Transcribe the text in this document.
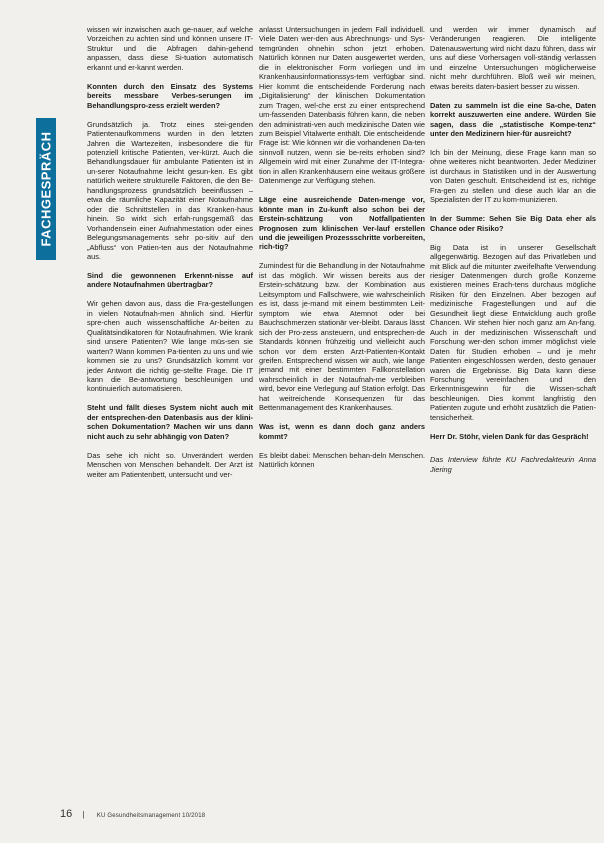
FACHGESPRÄCH

wissen wir inzwischen auch ge-nauer, auf welche Vorzeichen zu achten sind und können unsere IT-Struktur und die Abfragen dahin-gehend anpassen, dass diese Si-tuation automatisch erkannt und er-kannt werden.

Konnten durch den Einsatz des Systems bereits messbare Verbes-serungen im Behandlungspro-zess erzielt werden?

Grundsätzlich ja. Trotz eines stei-genden Patientenaufkommens wurden in den letzten Jahren die Wartezeiten, insbesondere die für potenziell kritische Patienten, ver-kürzt. Auch die Behandlungsdauer für ambulante Patienten ist in un-serer Notaufnahme leicht gesun-ken. Es gibt natürlich weitere strukturelle Faktoren, die den Be-handlungsprozess grundsätzlich beeinflussen – etwa die räumliche Kapazität einer Notaufnahme oder die Schnittstellen in das Kranken-haus hinein. So wirkt sich erfah-rungsgemäß das Vorhandensein einer Aufnahmestation oder eines Belegungsmanagements sehr po-sitiv auf den „Abfluss“ von Patien-ten aus der Notaufnahme aus.

Sind die gewonnenen Erkennt-nisse auf andere Notaufnahmen übertragbar?

Wir gehen davon aus, dass die Fra-gestellungen in vielen Notaufnah-men ähnlich sind. Hierfür spre-chen auch wissenschaftliche Ar-beiten zu Qualitätsindikatoren für Notaufnahmen. Wie krank sind unsere Patienten? Wie lange müs-sen sie warten? Wann kommen Pa-tienten zu uns und wie kommen sie zu uns? Grundsätzlich kommt vor jeder Antwort die richtig ge-stellte Frage. Die IT kann die Be-antwortung beschleunigen und kontinuierlich automatisieren.

Steht und fällt dieses System nicht auch mit der entsprechen-den Datenbasis aus der klini-schen Dokumentation? Machen wir uns dann nicht auch zu sehr abhängig von Daten?

Das sehe ich nicht so. Unverändert werden Menschen von Menschen behandelt. Der Arzt ist weiter am Patientenbett, untersucht und ver-

anlasst Untersuchungen in jedem Fall individuell. Viele Daten wer-den aus Abrechnungs- und Sys-temgründen ohnehin schon jetzt erhoben. Natürlich können nur Daten ausgewertet werden, die in elektronischer Form vorliegen und im Krankenhausinformationssys-tem verfügbar sind. Hier kommt die entscheidende Forderung nach „Digitalisierung“ der klinischen Dokumentation zum Tragen, wel-che erst zu einer entsprechend um-fassenden Datenbasis führen kann, die neben den administrati-ven auch medizinische Daten wie zum Beispiel Vitalwerte enthält. Die entscheidende Frage ist: Wie können wir die vorhandenen Da-ten sinnvoll nutzen, wenn sie be-reits erhoben sind? Allgemein wird mit einer Zunahme der IT-Integra-tion in allen Krankenhäusern eine weitaus größere Datenmenge zur Verfügung stehen.

Läge eine ausreichende Daten-menge vor, könnte man in Zu-kunft also schon bei der Erstein-schätzung von Notfallpatienten Prognosen zum klinischen Ver-lauf erstellen und die jeweiligen Prozessschritte vorbereiten, rich-tig?

Zumindest für die Behandlung in der Notaufnahme ist das möglich. Wir wissen bereits aus der Erstein-schätzung bzw. der Kombination aus Leitsymptom und Fallschwere, wie wahrscheinlich es ist, dass je-mand mit einem bestimmten Leit-symptom wie etwa Atemnot oder bei Bauchschmerzen stationär ver-bleibt. Daraus lässt sich der Pro-zess ansteuern, und entsprechen-de Standards können frühzeitig und vielleicht auch schon vor dem ersten Arzt-Patienten-Kontakt greifen. Entsprechend wissen wir auch, wie lange jemand mit einer bestimmten Fallkonstellation wahrscheinlich in der Notaufnah-me verbleiben wird, bevor eine Verlegung auf Station erfolgt. Das hat weitreichende Konsequenzen für das Bettenmanagement des Krankenhauses.

Was ist, wenn es dann doch ganz anders kommt?

Es bleibt dabei: Menschen behan-deln Menschen. Natürlich können

und werden wir immer dynamisch auf Veränderungen reagieren. Die intelligente Datenauswertung wird nicht dazu führen, dass wir uns auf diese Vorhersagen voll-ständig verlassen und einzelne Untersuchungen möglicherweise nicht mehr durchführen. Bloß weil wir meinen, etwas bereits daten-basiert besser zu wissen.

Daten zu sammeln ist die eine Sa-che, Daten korrekt auszuwerten eine andere. Würden Sie sagen, dass die „statistische Kompe-tenz“ unter den Medizinern hier-für ausreicht?

Ich bin der Meinung, diese Frage kann man so ohne weiteres nicht beantworten. Jeder Mediziner ist durchaus in Statistiken und in der Auswertung von Daten geschult. Entscheidend ist es, richtige Fra-gen zu stellen und diese auch klar an die Spezialisten der IT zu kom-munizieren.

In der Summe: Sehen Sie Big Data eher als Chance oder Risiko?

Big Data ist in unserer Gesellschaft allgegenwärtig. Bezogen auf das Privatleben und mit Blick auf die mitunter zweifelhafte Verwendung riesiger Datenmengen durch große Konzerne existieren meines Erach-tens durchaus mögliche Risiken für den Einzelnen. Aber bezogen auf medizinische Fragestellungen und auf die Gesundheit liegt diese Entwicklung auch große Chancen. Wir stehen hier noch ganz am An-fang. Auch in der medizinischen Wissenschaft und Forschung wer-den schon immer möglichst viele Daten für Studien erhoben – und je mehr Patienten eingeschlossen werden, desto genauer waren die Ergebnisse. Big Data kann diese Forschung vereinfachen und den Erkenntnisgewinn für die Wissen-schaft beschleunigen. Dies kommt langfristig den Patienten zugute und erhöht zusätzlich die Patien-tensicherheit.

Herr Dr. Stöhr, vielen Dank für das Gespräch!

Das Interview führte KU Fachredakteurin Anna Jiering

16 | KU Gesundheitsmanagement 10/2018
